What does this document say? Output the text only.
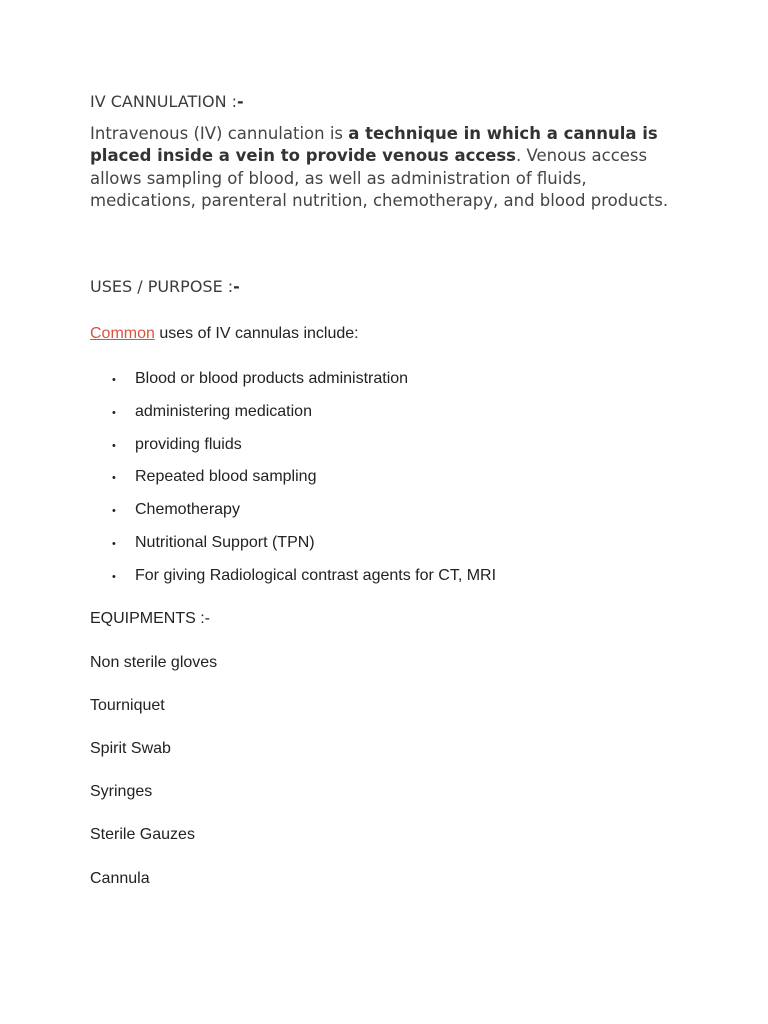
IV CANNULATION :-
Intravenous (IV) cannulation is a technique in which a cannula is placed inside a vein to provide venous access. Venous access allows sampling of blood, as well as administration of fluids, medications, parenteral nutrition, chemotherapy, and blood products.
USES / PURPOSE :-
Common uses of IV cannulas include:
• Blood or blood products administration
• administering medication
• providing fluids
• Repeated blood sampling
• Chemotherapy
• Nutritional Support (TPN)
• For giving Radiological contrast agents for CT, MRI
EQUIPMENTS :-
Non sterile gloves
Tourniquet
Spirit Swab
Syringes
Sterile Gauzes
Cannula
